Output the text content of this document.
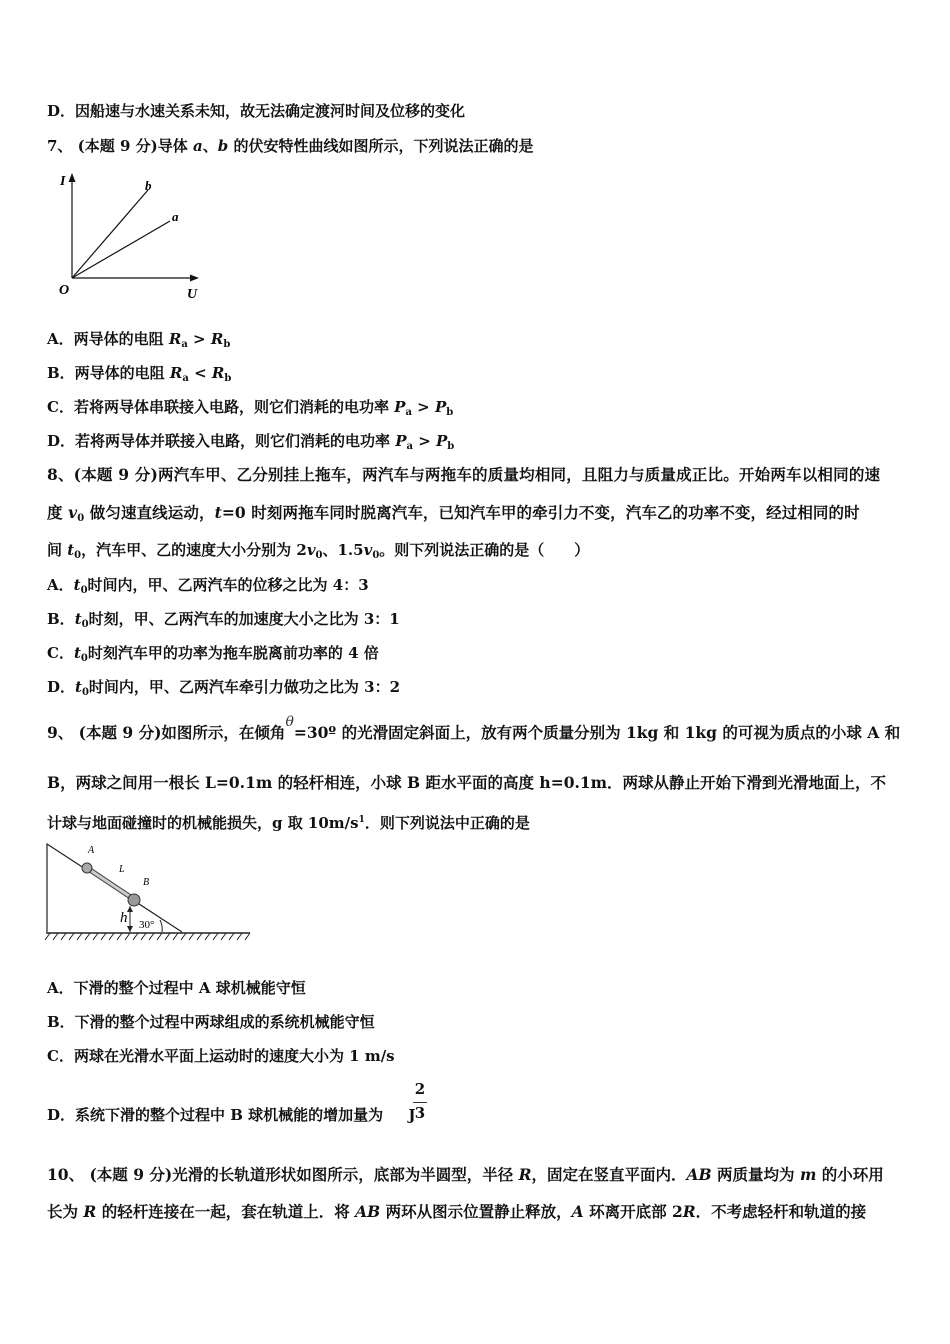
D．因船速与水速关系未知，故无法确定渡河时间及位移的变化
7、 (本题 9 分)导体 a、b 的伏安特性曲线如图所示，下列说法正确的是
I
U
O
b
a
A．两导体的电阻 $R_a > R_b$
B．两导体的电阻 $R_a < R_b$
C．若将两导体串联接入电路，则它们消耗的电功率 $P_a > P_b$
D．若将两导体并联接入电路，则它们消耗的电功率 $P_a > P_b$
8、(本题 9 分)两汽车甲、乙分别挂上拖车，两汽车与两拖车的质量均相同，且阻力与质量成正比。开始两车以相同的速
度 $v_0$ 做匀速直线运动，t=0 时刻两拖车同时脱离汽车，已知汽车甲的牵引力不变，汽车乙的功率不变，经过相同的时
间 $t_0$，汽车甲、乙的速度大小分别为 $2v_0$、$1.5v_0$。则下列说法正确的是（　　）
A．$t_0$时间内，甲、乙两汽车的位移之比为 4：3
B．$t_0$时刻，甲、乙两汽车的加速度大小之比为 3：1
C．$t_0$时刻汽车甲的功率为拖车脱离前功率的 4 倍
D．$t_0$时间内，甲、乙两汽车牵引力做功之比为 3：2
9、 (本题 9 分)如图所示，在倾角θ=30º 的光滑固定斜面上，放有两个质量分别为 1kg 和 1kg 的可视为质点的小球 A 和
B，两球之间用一根长 L=0.1m 的轻杆相连，小球 B 距水平面的高度 h=0.1m．两球从静止开始下滑到光滑地面上，不
计球与地面碰撞时的机械能损失，g 取 $10m/s^1$．则下列说法中正确的是
A
B
L
h 30°
A．下滑的整个过程中 A 球机械能守恒
B．下滑的整个过程中两球组成的系统机械能守恒
C．两球在光滑水平面上运动时的速度大小为 1 m/s
D．系统下滑的整个过程中 B 球机械能的增加量为 J
2
3
10、 (本题 9 分)光滑的长轨道形状如图所示，底部为半圆型，半径 R，固定在竖直平面内．AB 两质量均为 m 的小环用
长为 R 的轻杆连接在一起，套在轨道上．将 AB 两环从图示位置静止释放，A 环离开底部 2R．不考虑轻杆和轨道的接
